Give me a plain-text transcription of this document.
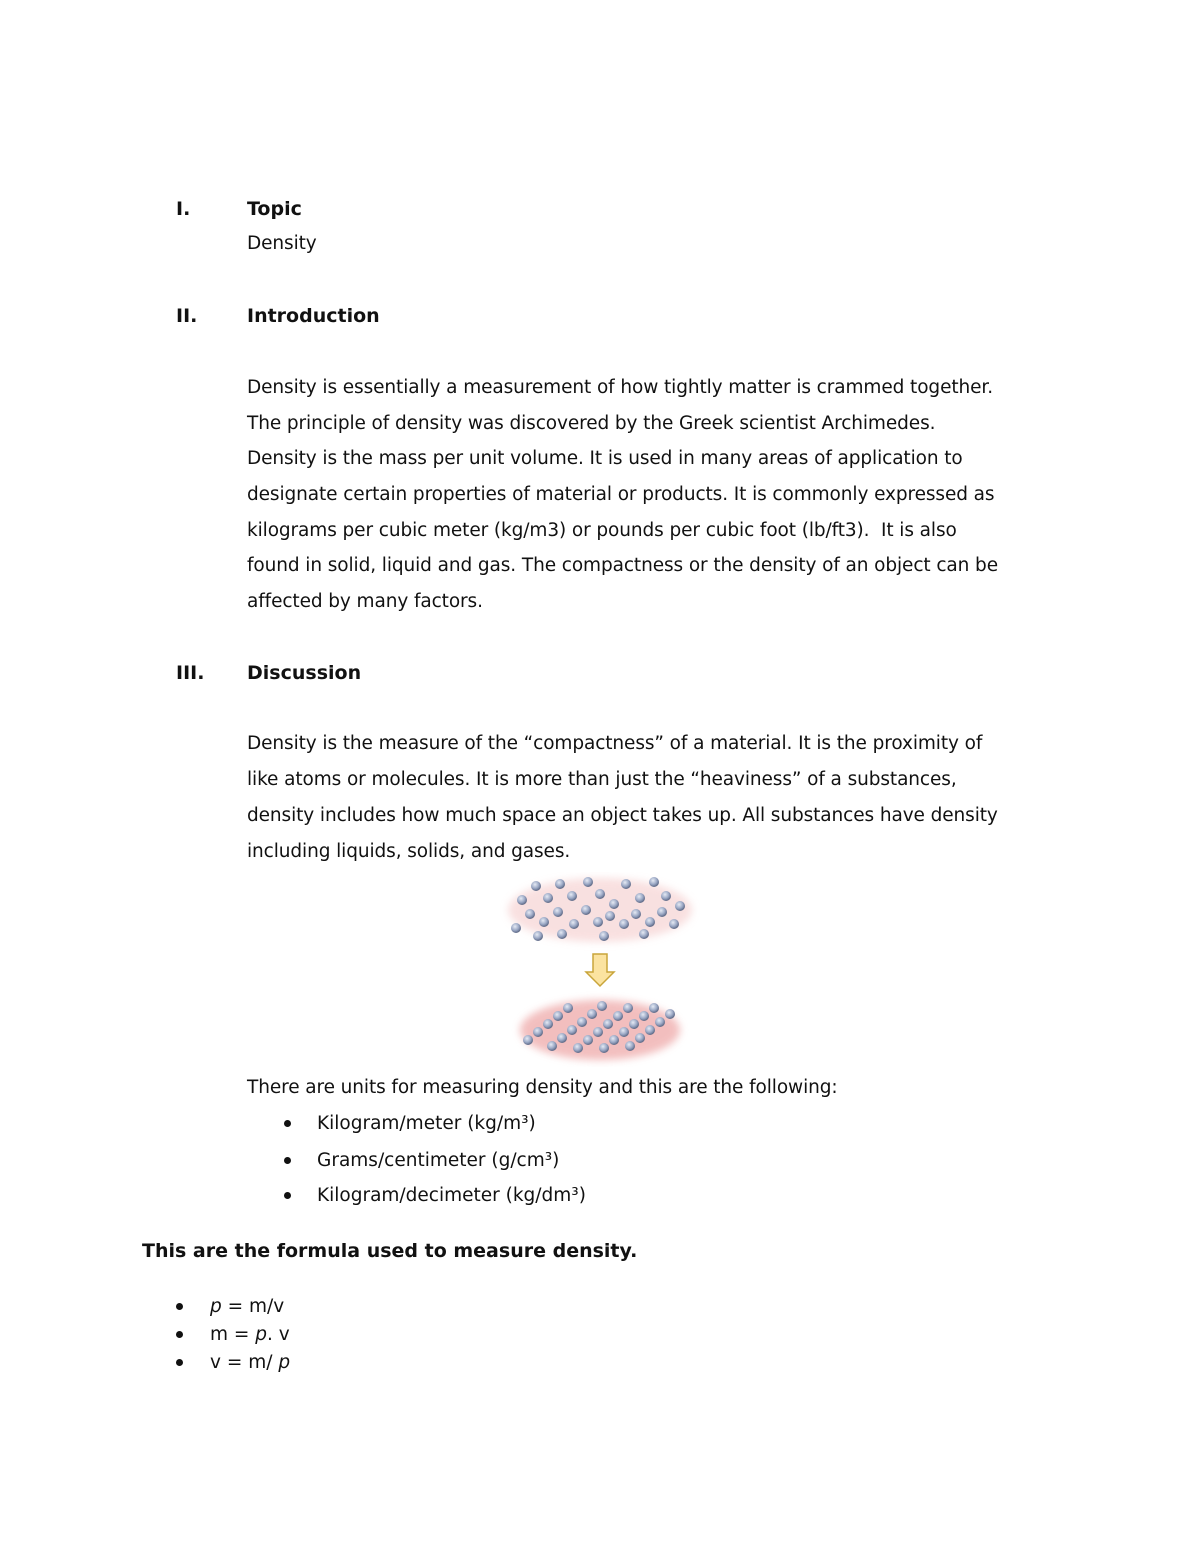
I.	Topic
Density
II.	Introduction
Density is essentially a measurement of how tightly matter is crammed together.
The principle of density was discovered by the Greek scientist Archimedes.
Density is the mass per unit volume. It is used in many areas of application to
designate certain properties of material or products. It is commonly expressed as
kilograms per cubic meter (kg/m3) or pounds per cubic foot (lb/ft3).  It is also
found in solid, liquid and gas. The compactness or the density of an object can be
affected by many factors.
III. Discussion
Density is the measure of the “compactness” of a material. It is the proximity of
like atoms or molecules. It is more than just the “heaviness” of a substances,
density includes how much space an object takes up. All substances have density
including liquids, solids, and gases.
There are units for measuring density and this are the following:
Kilogram/meter (kg/m³)
Grams/centimeter (g/cm³)
Kilogram/decimeter (kg/dm³)
This are the formula used to measure density.
p = m/v
m = p. v
v = m/ p
